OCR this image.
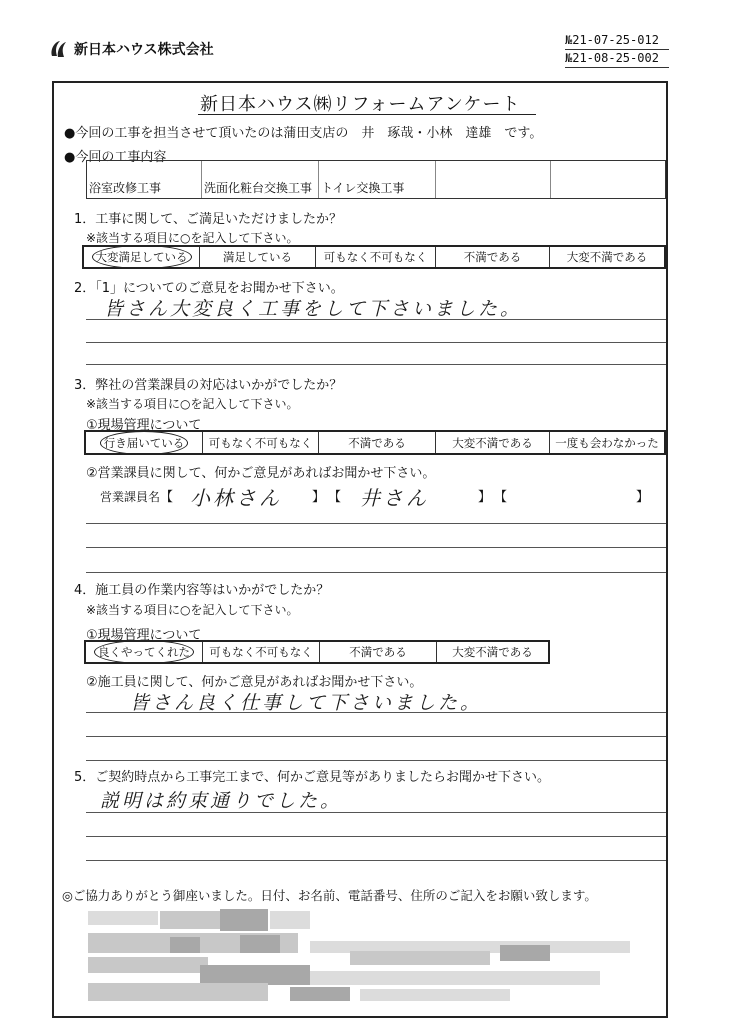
新日本ハウス株式会社
№21-07-25-012
№21-08-25-002
新日本ハウス㈱リフォームアンケート
●今回の工事を担当させて頂いたのは蒲田支店の　 井　琢哉・小林　達雄　 です。
●今回の工事内容
浴室改修工事	洗面化粧台交換工事 トイレ交換工事
1．工事に関して、ご満足いただけましたか？
※該当する項目に○を記入して下さい。
大変満足している	満足している	可もなく不可もなく	不満である	大変不満である
2．「1」についてのご意見をお聞かせ下さい。
皆さん大変良く工事をして下さいました。
3．弊社の営業課員の対応はいかがでしたか？
※該当する項目に○を記入して下さい。
①現場管理について
行き届いている 可もなく不可もなく	不満である	大変不満である 一度も会わなかった
②営業課員に関して、何かご意見があればお聞かせ下さい。
営業課員名 【 小林さん 】 【 井さん	】 【	】
4．施工員の作業内容等はいかがでしたか？
※該当する項目に○を記入して下さい。
①現場管理について
良くやってくれた 可もなく不可もなく	不満である	大変不満である
②施工員に関して、何かご意見があればお聞かせ下さい。
皆さん良く仕事して下さいました。
5．ご契約時点から工事完工まで、何かご意見等がありましたらお聞かせ下さい。
説明は約束通りでした。
◎ご協力ありがとう御座いました。日付、お名前、電話番号、住所のご記入をお願い致します。
